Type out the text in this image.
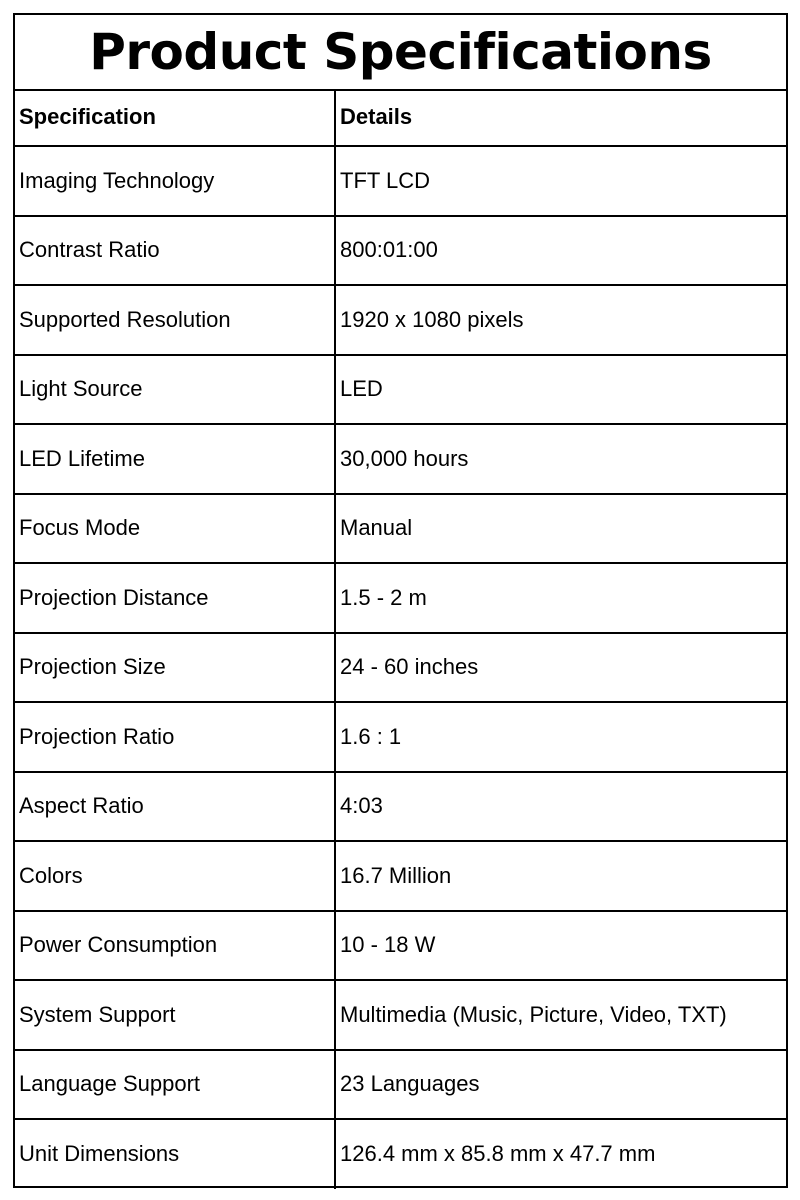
Product Specifications
Specification	Details
Imaging Technology	TFT LCD
Contrast Ratio	800:01:00
Supported Resolution	1920 x 1080 pixels
Light Source	LED
LED Lifetime	30,000 hours
Focus Mode	Manual
Projection Distance	1.5 - 2 m
Projection Size	24 - 60 inches
Projection Ratio	1.6 : 1
Aspect Ratio	4:03
Colors	16.7 Million
Power Consumption	10 - 18 W
System Support	Multimedia (Music, Picture, Video, TXT)
Language Support	23 Languages
Unit Dimensions	126.4 mm x 85.8 mm x 47.7 mm
